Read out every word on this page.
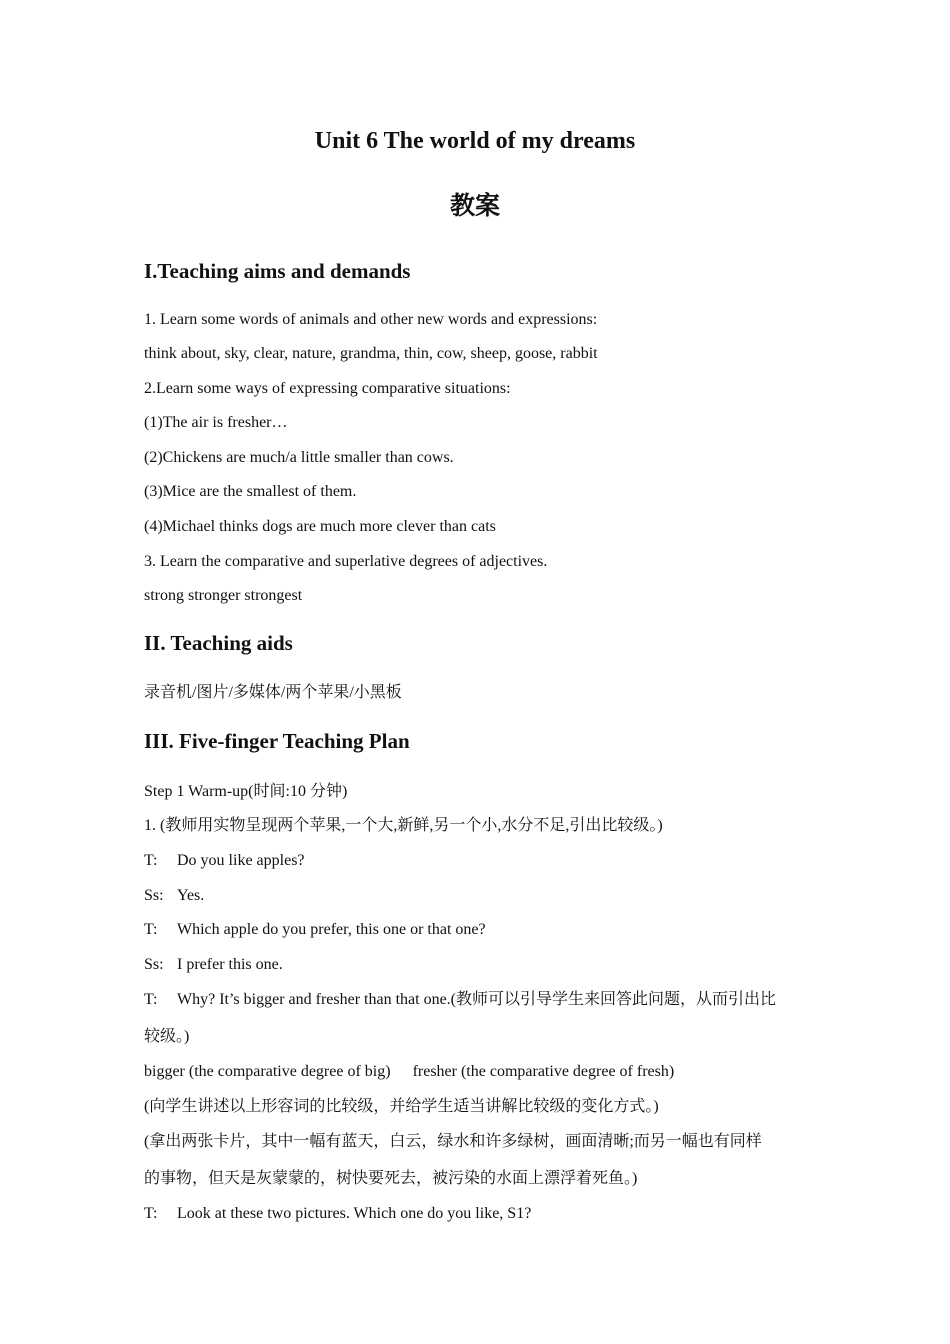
Unit 6 The world of my dreams
教案
I.Teaching aims and demands

1. Learn some words of animals and other new words and expressions:

think about, sky, clear, nature, grandma, thin, cow, sheep, goose, rabbit

2.Learn some ways of expressing comparative situations:

(1)The air is fresher…

(2)Chickens are much/a little smaller than cows.

(3)Mice are the smallest of them.

(4)Michael thinks dogs are much more clever than cats

3. Learn the comparative and superlative degrees of adjectives.

strong stronger strongest

II. Teaching aids

录音机/图片/多媒体/两个苹果/小黑板

III. Five-finger Teaching Plan

Step 1 Warm-up(时间:10 分钟)

1. (教师用实物呈现两个苹果,一个大,新鲜,另一个小,水分不足,引出比较级。)

T: Do you like apples?

Ss: Yes.

T: Which apple do you prefer, this one or that one?

Ss: I prefer this one.

T: Why? It’s bigger and fresher than that one.(教师可以引导学生来回答此问题，从而引出比

较级。)

bigger (the comparative degree of big) fresher (the comparative degree of fresh)

(向学生讲述以上形容词的比较级，并给学生适当讲解比较级的变化方式。)

(拿出两张卡片，其中一幅有蓝天，白云，绿水和许多绿树，画面清晰;而另一幅也有同样

的事物，但天是灰蒙蒙的，树快要死去，被污染的水面上漂浮着死鱼。)

T: Look at these two pictures. Which one do you like, S1?
